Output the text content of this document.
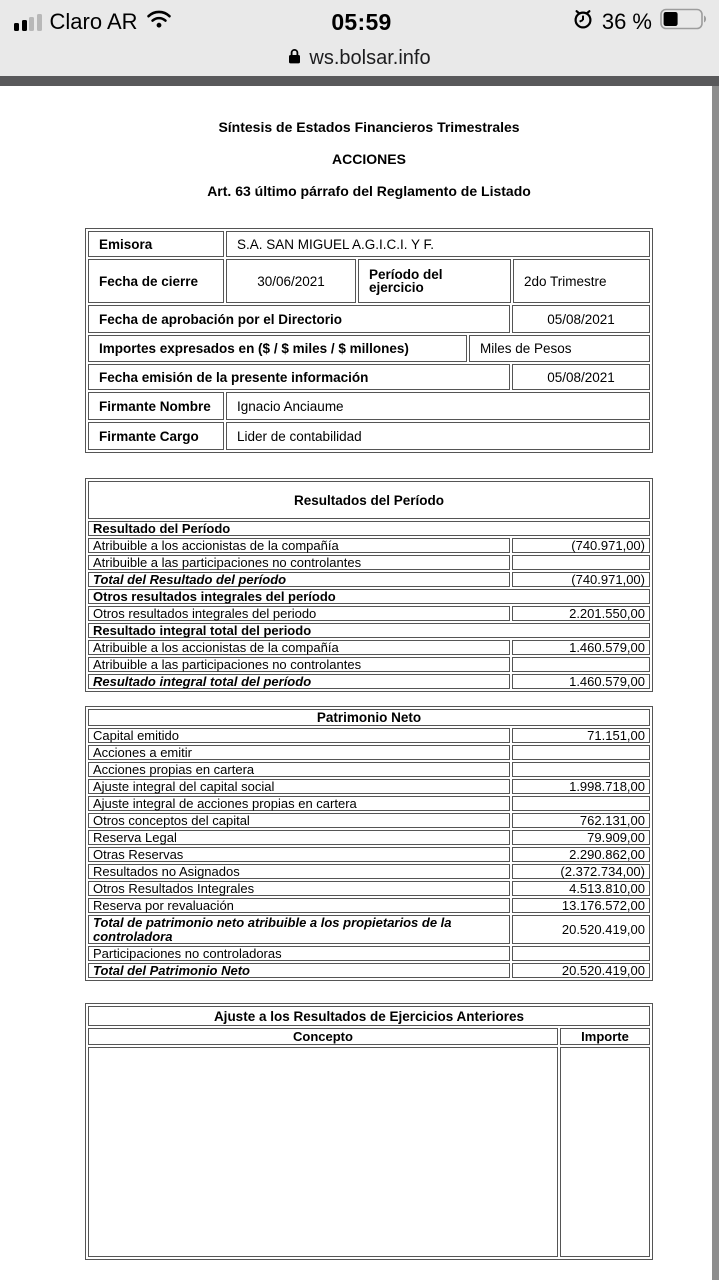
Claro AR	05:59	36 %
ws.bolsar.info
Síntesis de Estados Financieros Trimestrales
ACCIONES
Art. 63 último párrafo del Reglamento de Listado
Emisora	S.A. SAN MIGUEL A.G.I.C.I. Y F.
Fecha de cierre	30/06/2021	Período del ejercicio	2do Trimestre
Fecha de aprobación por el Directorio	05/08/2021
Importes expresados en ($ / $ miles / $ millones)	Miles de Pesos
Fecha emisión de la presente información	05/08/2021
Firmante Nombre	Ignacio Anciaume
Firmante Cargo	Lider de contabilidad
Resultados del Período
Resultado del Período
Atribuible a los accionistas de la compañía	(740.971,00)
Atribuible a las participaciones no controlantes
Total del Resultado del período	(740.971,00)
Otros resultados integrales del período
Otros resultados integrales del periodo	2.201.550,00
Resultado integral total del periodo
Atribuible a los accionistas de la compañía	1.460.579,00
Atribuible a las participaciones no controlantes
Resultado integral total del período	1.460.579,00
Patrimonio Neto
Capital emitido	71.151,00
Acciones a emitir
Acciones propias en cartera
Ajuste integral del capital social	1.998.718,00
Ajuste integral de acciones propias en cartera
Otros conceptos del capital	762.131,00
Reserva Legal	79.909,00
Otras Reservas	2.290.862,00
Resultados no Asignados	(2.372.734,00)
Otros Resultados Integrales	4.513.810,00
Reserva por revaluación	13.176.572,00
Total de patrimonio neto atribuible a los propietarios de la controladora	20.520.419,00
Participaciones no controladoras
Total del Patrimonio Neto	20.520.419,00
Ajuste a los Resultados de Ejercicios Anteriores
Concepto	Importe
